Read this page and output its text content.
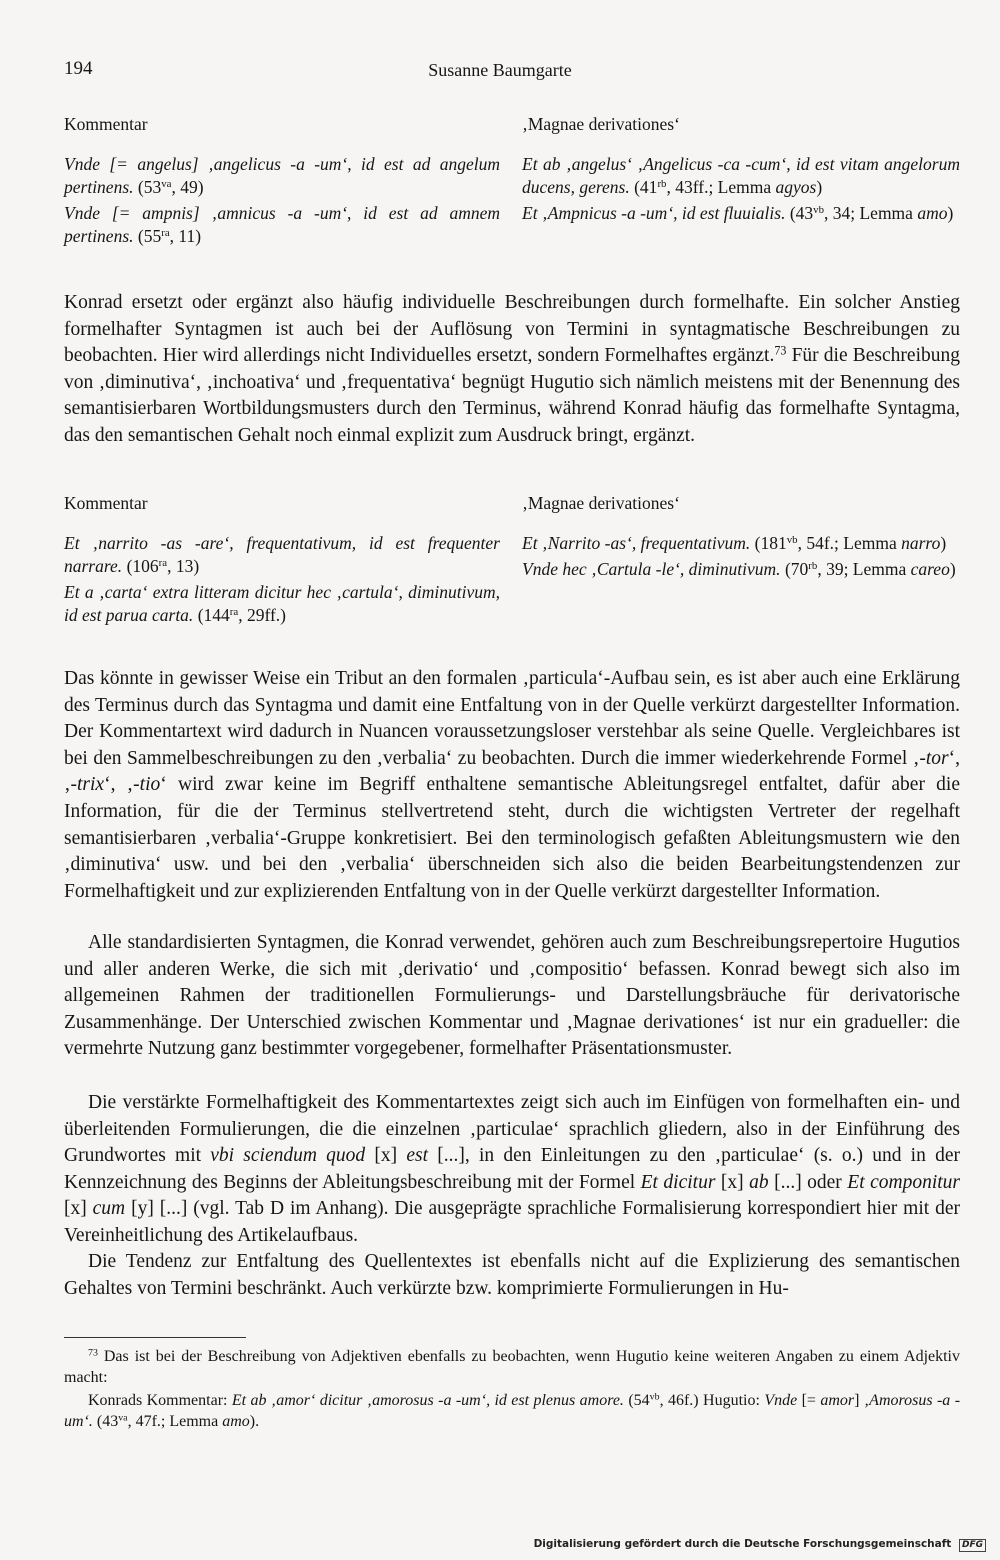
194	Susanne Baumgarte
Kommentar
Vnde [= angelus] ‚angelicus -a -um‘, id est ad angelum pertinens. ($53^{va}$, 49)
Vnde [= ampnis] ‚amnicus -a -um‘, id est ad amnem pertinens. ($55^{ra}$, 11)
‚Magnae derivationes‘
Et ab ‚angelus‘ ‚Angelicus -ca -cum‘, id est vitam angelorum ducens, gerens. ($41^{rb}$, 43ff.; Lemma agyos)
Et ‚Ampnicus -a -um‘, id est fluuialis. ($43^{vb}$, 34; Lemma amo)

Konrad ersetzt oder ergänzt also häufig individuelle Beschreibungen durch formelhafte. Ein solcher Anstieg formelhafter Syntagmen ist auch bei der Auflösung von Termini in syntagmatische Beschreibungen zu beobachten. Hier wird allerdings nicht Individuelles ersetzt, sondern Formelhaftes ergänzt.$^{73}$ Für die Beschreibung von ‚diminutiva‘, ‚inchoativa‘ und ‚frequentativa‘ begnügt Hugutio sich nämlich meistens mit der Benennung des semantisierbaren Wortbildungsmusters durch den Terminus, während Konrad häufig das formelhafte Syntagma, das den semantischen Gehalt noch einmal explizit zum Ausdruck bringt, ergänzt.

Kommentar
Et ‚narrito -as -are‘, frequentativum, id est frequenter narrare. ($106^{ra}$, 13)
Et a ‚carta‘ extra litteram dicitur hec ‚cartula‘, diminutivum, id est parua carta. ($144^{ra}$, 29ff.)
‚Magnae derivationes‘
Et ‚Narrito -as‘, frequentativum. ($181^{vb}$, 54f.; Lemma narro)
Vnde hec ‚Cartula -le‘, diminutivum. ($70^{rb}$, 39; Lemma careo)

Das könnte in gewisser Weise ein Tribut an den formalen ‚particula‘-Aufbau sein, es ist aber auch eine Erklärung des Terminus durch das Syntagma und damit eine Entfaltung von in der Quelle verkürzt dargestellter Information. Der Kommentartext wird dadurch in Nuancen voraussetzungsloser verstehbar als seine Quelle. Vergleichbares ist bei den Sammelbeschreibungen zu den ‚verbalia‘ zu beobachten. Durch die immer wiederkehrende Formel ‚-tor‘, ‚-trix‘, ‚-tio‘ wird zwar keine im Begriff enthaltene semantische Ableitungsregel entfaltet, dafür aber die Information, für die der Terminus stellvertretend steht, durch die wichtigsten Vertreter der regelhaft semantisierbaren ‚verbalia‘-Gruppe konkretisiert. Bei den terminologisch gefaßten Ableitungsmustern wie den ‚diminutiva‘ usw. und bei den ‚verbalia‘ überschneiden sich also die beiden Bearbeitungstendenzen zur Formelhaftigkeit und zur explizierenden Entfaltung von in der Quelle verkürzt dargestellter Information.

Alle standardisierten Syntagmen, die Konrad verwendet, gehören auch zum Beschreibungsrepertoire Hugutios und aller anderen Werke, die sich mit ‚derivatio‘ und ‚compositio‘ befassen. Konrad bewegt sich also im allgemeinen Rahmen der traditionellen Formulierungs- und Darstellungsbräuche für derivatorische Zusammenhänge. Der Unterschied zwischen Kommentar und ‚Magnae derivationes‘ ist nur ein gradueller: die vermehrte Nutzung ganz bestimmter vorgegebener, formelhafter Präsentationsmuster.

Die verstärkte Formelhaftigkeit des Kommentartextes zeigt sich auch im Einfügen von formelhaften ein- und überleitenden Formulierungen, die die einzelnen ‚particulae‘ sprachlich gliedern, also in der Einführung des Grundwortes mit vbi sciendum quod [x] est [...], in den Einleitungen zu den ‚particulae‘ (s. o.) und in der Kennzeichnung des Beginns der Ableitungsbeschreibung mit der Formel Et dicitur [x] ab [...] oder Et componitur [x] cum [y] [...] (vgl. Tab D im Anhang). Die ausgeprägte sprachliche Formalisierung korrespondiert hier mit der Vereinheitlichung des Artikelaufbaus.

Die Tendenz zur Entfaltung des Quellentextes ist ebenfalls nicht auf die Explizierung des semantischen Gehaltes von Termini beschränkt. Auch verkürzte bzw. komprimierte Formulierungen in Hu-

$^{73}$ Das ist bei der Beschreibung von Adjektiven ebenfalls zu beobachten, wenn Hugutio keine weiteren Angaben zu einem Adjektiv macht:

Konrads Kommentar: Et ab ‚amor‘ dicitur ‚amorosus -a -um‘, id est plenus amore. ($54^{vb}$, 46f.) Hugutio: Vnde [= amor] ‚Amorosus -a -um‘. ($43^{va}$, 47f.; Lemma amo).

Digitalisierung gefördert durch die Deutsche Forschungsgemeinschaft DFG
